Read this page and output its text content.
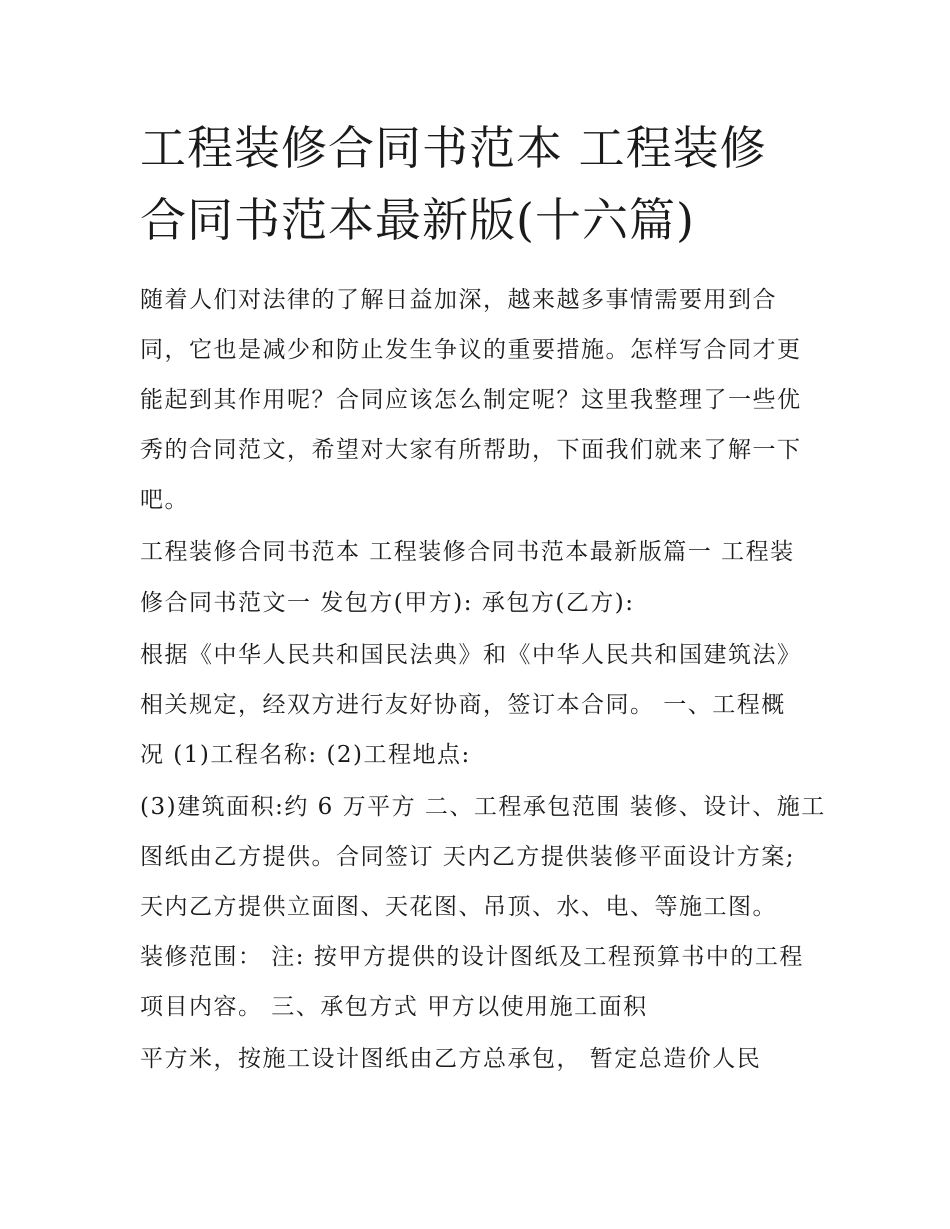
工程装修合同书范本 工程装修
合同书范本最新版(十六篇)
随着人们对法律的了解日益加深，越来越多事情需要用到合
同，它也是减少和防止发生争议的重要措施。怎样写合同才更
能起到其作用呢？合同应该怎么制定呢？这里我整理了一些优
秀的合同范文，希望对大家有所帮助，下面我们就来了解一下
吧。
工程装修合同书范本 工程装修合同书范本最新版篇一 工程装
修合同书范文一 发包方(甲方): 承包方(乙方):
根据《中华人民共和国民法典》和《中华人民共和国建筑法》
相关规定，经双方进行友好协商，签订本合同。 一、工程概
况 (1)工程名称: (2)工程地点:
(3)建筑面积:约 6 万平方 二、工程承包范围 装修、设计、施工
图纸由乙方提供。合同签订 天内乙方提供装修平面设计方案;
天内乙方提供立面图、天花图、吊顶、水、电、等施工图。
装修范围： 注: 按甲方提供的设计图纸及工程预算书中的工程
项目内容。 三、承包方式 甲方以使用施工面积
平方米，按施工设计图纸由乙方总承包， 暂定总造价人民
